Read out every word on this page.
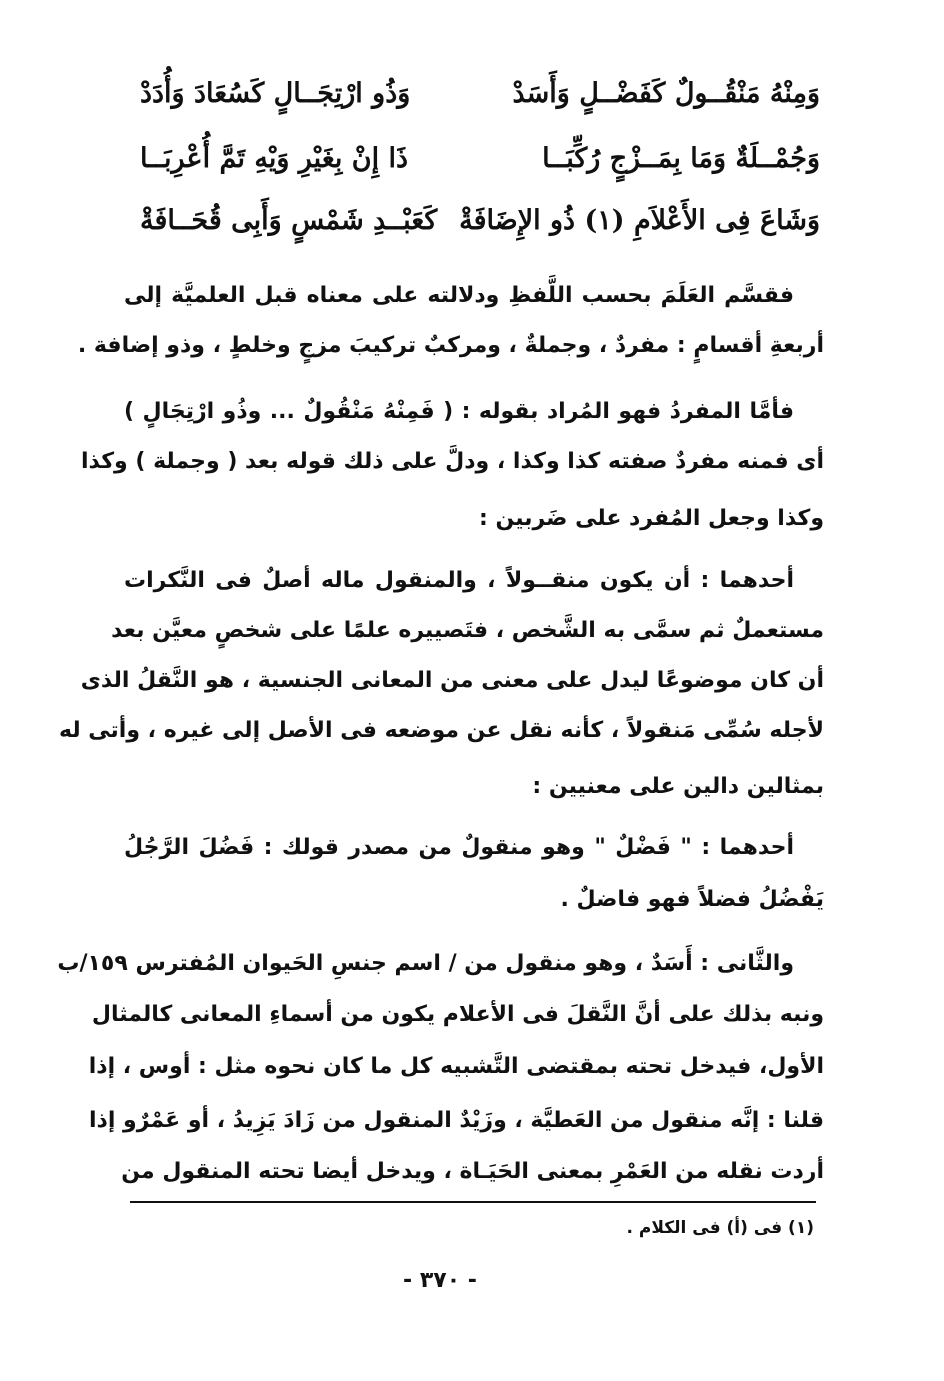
وَمِنْهُ مَنْقُــولٌ كَفَضْــلٍ وَأَسَدْ
وَذُو ارْتِجَــالٍ كَسُعَادَ وَأُدَدْ
وَجُمْــلَةٌ وَمَا بِمَــزْجٍ رُكِّبَــا
ذَا إِنْ بِغَيْرِ وَيْهِ تَمَّ أُعْرِبَــا
وَشَاعَ فِى الأَعْلاَمِ (١) ذُو الإِضَافَةْ
كَعَبْــدِ شَمْسٍ وَأَبِى قُحَــافَةْ
فقسَّم العَلَمَ بحسب اللَّفظِ ودلالته على معناه قبل العلميَّة إلى
أربعةِ أقسامٍ : مفردٌ ، وجملةٌ ، ومركبٌ تركيبَ مزجٍ وخلطٍ ، وذو إضافة .
فأمَّا المفردُ فهو المُراد بقوله : ( فَمِنْهُ مَنْقُولٌ ... وذُو ارْتِجَالٍ )
أى فمنه مفردٌ صفته كذا وكذا ، ودلَّ على ذلك قوله بعد ( وجملة ) وكذا
وكذا وجعل المُفرد على ضَربين :
أحدهما : أن يكون منقــولاً ، والمنقول ماله أصلٌ فى النَّكرات
مستعملٌ ثم سمَّى به الشَّخص ، فتَصييره علمًا على شخصٍ معيَّن بعد
أن كان موضوعًا ليدل على معنى من المعانى الجنسية ، هو النَّقلُ الذى
لأجله سُمِّى مَنقولاً ، كأنه نقل عن موضعه فى الأصل إلى غيره ، وأتى له
بمثالين دالين على معنيين :
أحدهما : " فَضْلٌ " وهو منقولٌ من مصدر قولك : فَضُلَ الرَّجُلُ
يَفْضُلُ فضلاً فهو فاضلٌ .
والثَّانى : أَسَدٌ ، وهو منقول من / اسم جنسِ الحَيوان المُفترس ١٥٩/ب
ونبه بذلك على أنَّ النَّقلَ فى الأعلام يكون من أسماءِ المعانى كالمثال
الأول، فيدخل تحته بمقتضى التَّشبيه كل ما كان نحوه مثل : أوس ، إذا
قلنا : إنَّه منقول من العَطيَّة ، وزَيْدٌ المنقول من زَادَ يَزِيدُ ، أو عَمْرٌو إذا
أردت نقله من العَمْرِ بمعنى الحَيَـاة ، ويدخل أيضا تحته المنقول من
(١) فى (أ) فى الكلام .
- ٣٧٠ -
